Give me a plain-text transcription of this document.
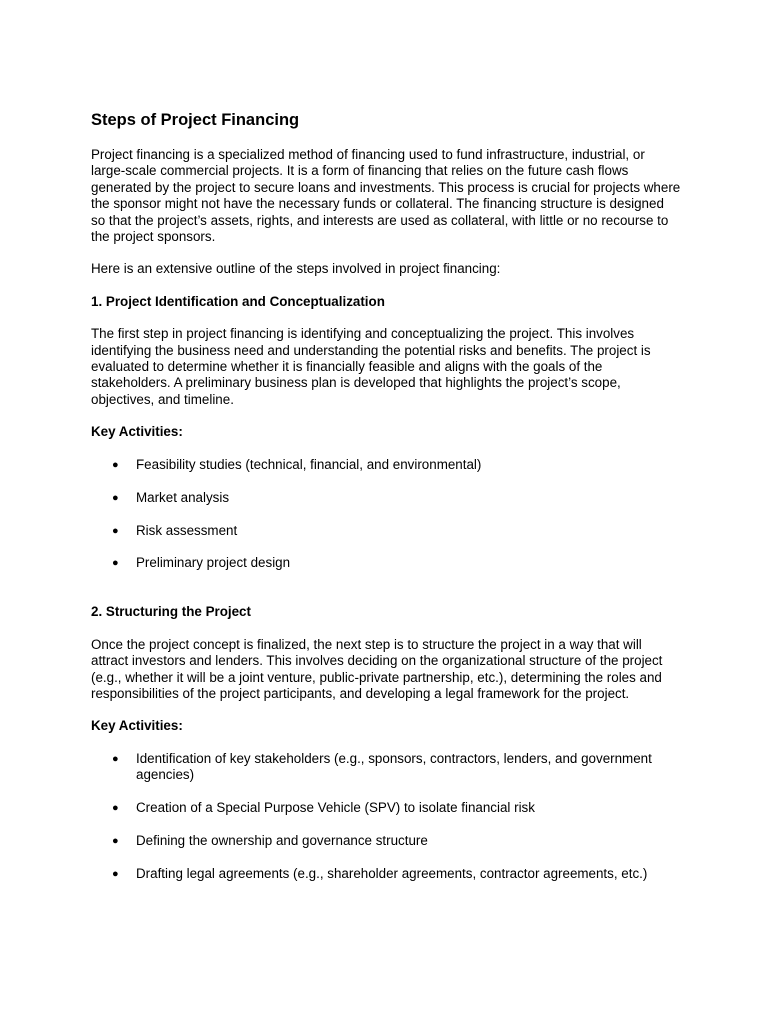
Steps of Project Financing

Project financing is a specialized method of financing used to fund infrastructure, industrial, or large-scale commercial projects. It is a form of financing that relies on the future cash flows generated by the project to secure loans and investments. This process is crucial for projects where the sponsor might not have the necessary funds or collateral. The financing structure is designed so that the project’s assets, rights, and interests are used as collateral, with little or no recourse to the project sponsors.

Here is an extensive outline of the steps involved in project financing:

1. Project Identification and Conceptualization

The first step in project financing is identifying and conceptualizing the project. This involves identifying the business need and understanding the potential risks and benefits. The project is evaluated to determine whether it is financially feasible and aligns with the goals of the stakeholders. A preliminary business plan is developed that highlights the project’s scope, objectives, and timeline.

Key Activities:
● Feasibility studies (technical, financial, and environmental)
● Market analysis
● Risk assessment
● Preliminary project design
2. Structuring the Project

Once the project concept is finalized, the next step is to structure the project in a way that will attract investors and lenders. This involves deciding on the organizational structure of the project (e.g., whether it will be a joint venture, public-private partnership, etc.), determining the roles and responsibilities of the project participants, and developing a legal framework for the project.

Key Activities:
● Identification of key stakeholders (e.g., sponsors, contractors, lenders, and government agencies)
● Creation of a Special Purpose Vehicle (SPV) to isolate financial risk
● Defining the ownership and governance structure
● Drafting legal agreements (e.g., shareholder agreements, contractor agreements, etc.)
